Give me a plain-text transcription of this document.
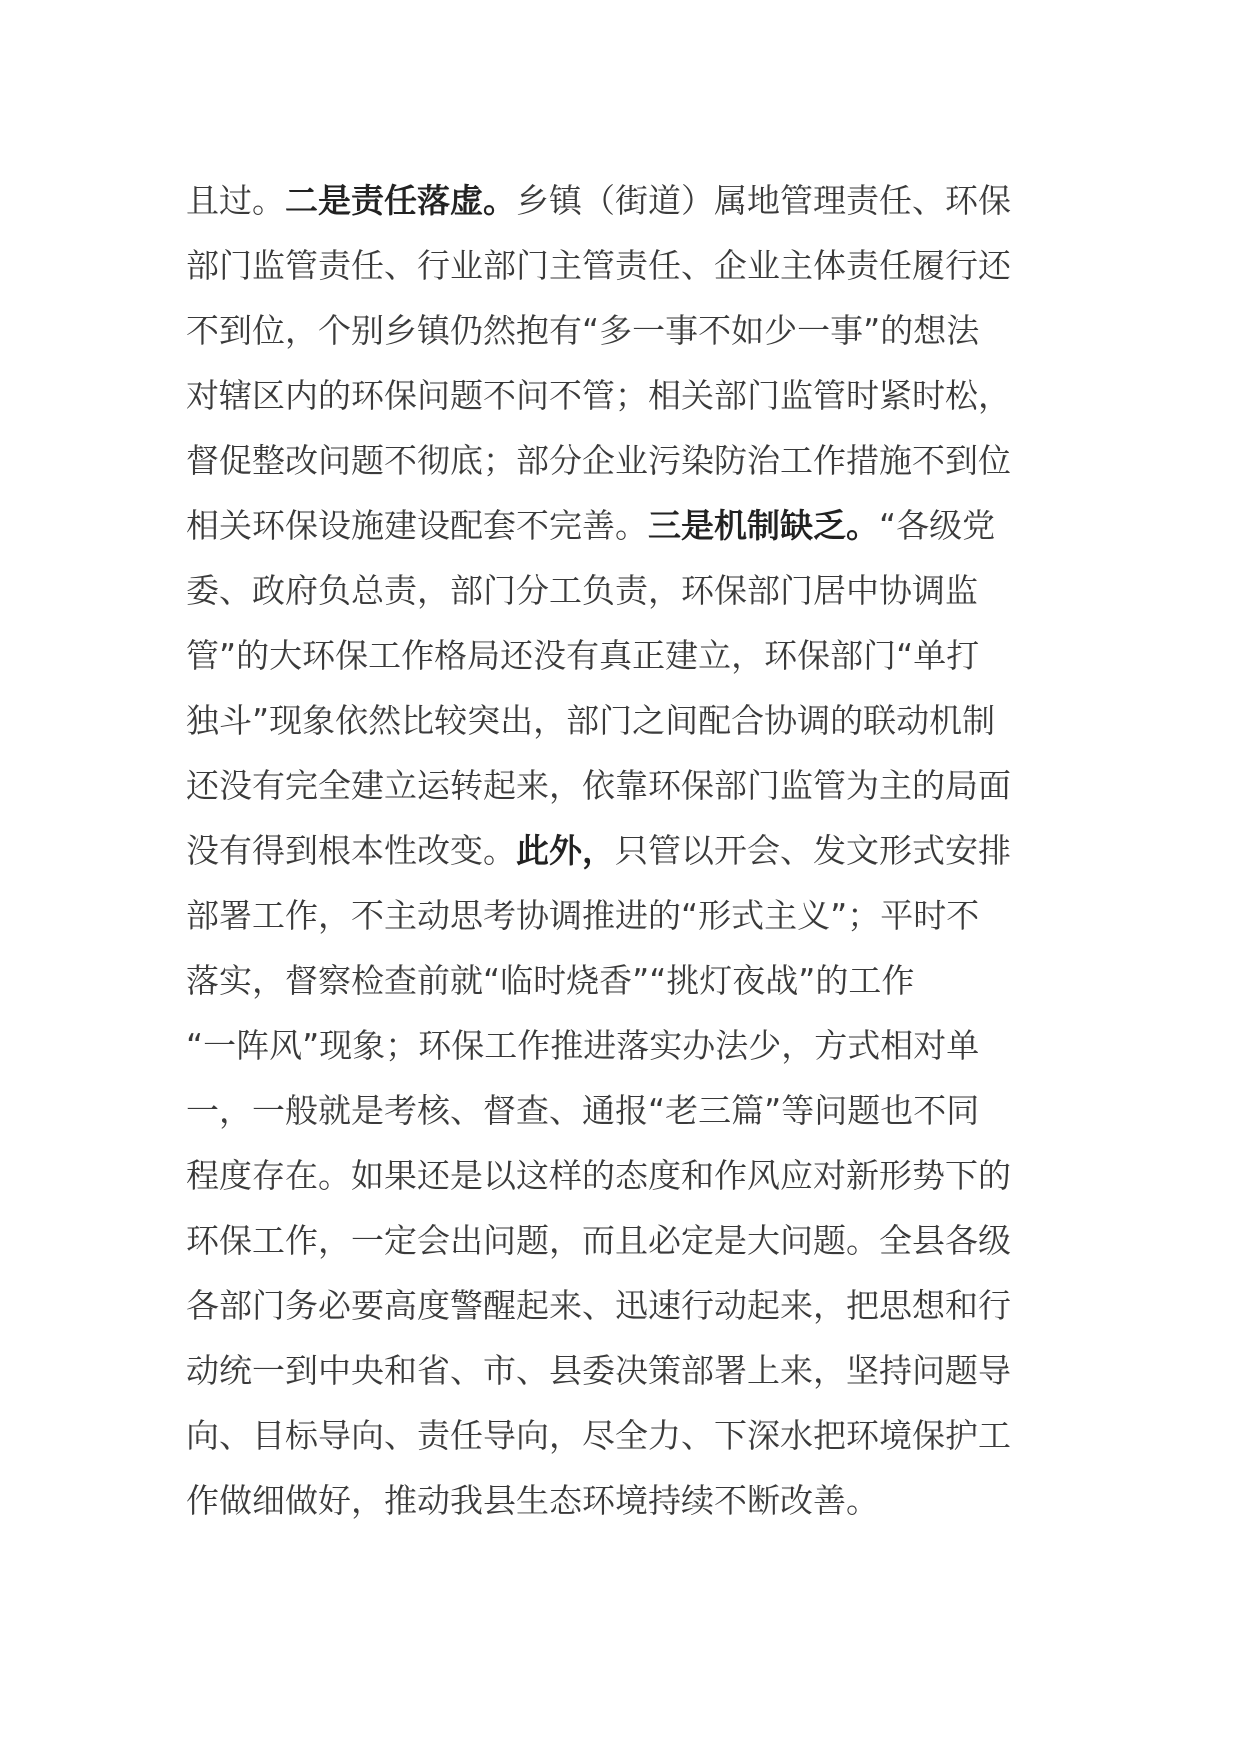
且过。二是责任落虚。乡镇（街道）属地管理责任、环保
部门监管责任、行业部门主管责任、企业主体责任履行还
不到位，个别乡镇仍然抱有“多一事不如少一事”的想法
对辖区内的环保问题不问不管；相关部门监管时紧时松，
督促整改问题不彻底；部分企业污染防治工作措施不到位
相关环保设施建设配套不完善。三是机制缺乏。“各级党
委、政府负总责，部门分工负责，环保部门居中协调监
管”的大环保工作格局还没有真正建立，环保部门“单打
独斗”现象依然比较突出，部门之间配合协调的联动机制
还没有完全建立运转起来，依靠环保部门监管为主的局面
没有得到根本性改变。此外，只管以开会、发文形式安排
部署工作，不主动思考协调推进的“形式主义”；平时不
落实，督察检查前就“临时烧香”“挑灯夜战”的工作
“一阵风”现象；环保工作推进落实办法少，方式相对单
一，一般就是考核、督查、通报“老三篇”等问题也不同
程度存在。如果还是以这样的态度和作风应对新形势下的
环保工作，一定会出问题，而且必定是大问题。全县各级
各部门务必要高度警醒起来、迅速行动起来，把思想和行
动统一到中央和省、市、县委决策部署上来，坚持问题导
向、目标导向、责任导向，尽全力、下深水把环境保护工
作做细做好，推动我县生态环境持续不断改善。
